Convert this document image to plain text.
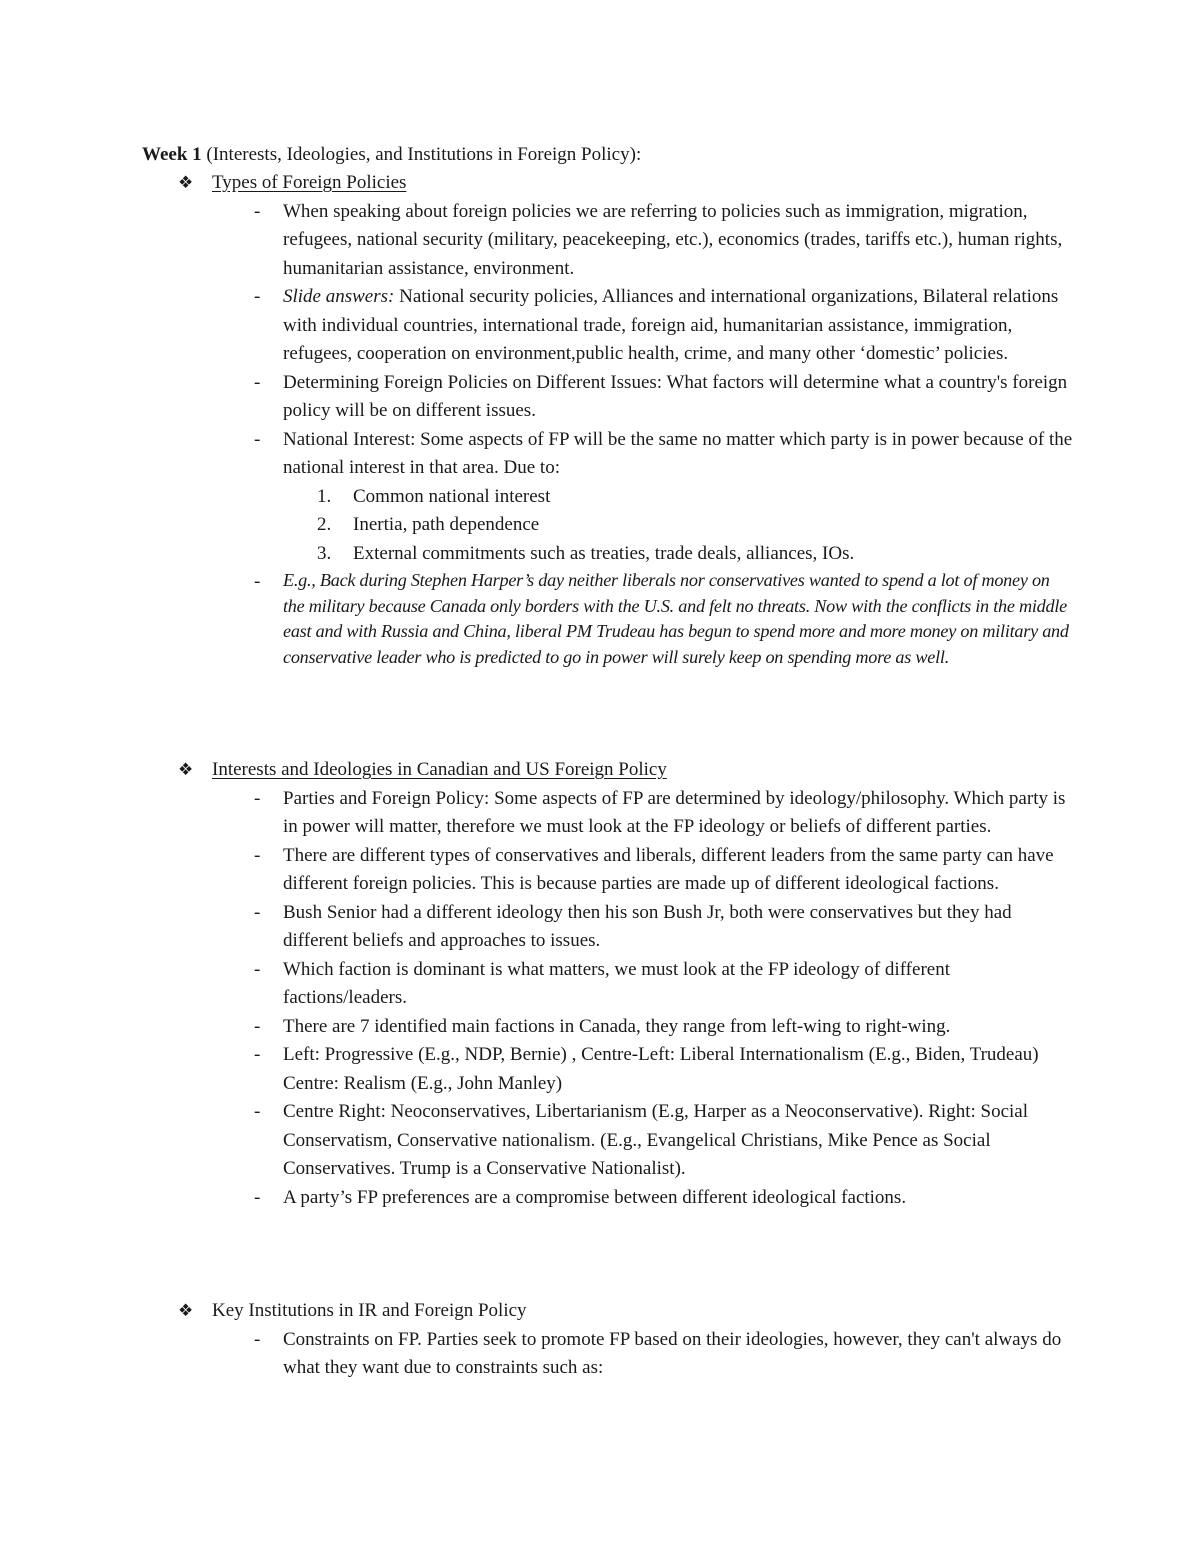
Week 1 (Interests, Ideologies, and Institutions in Foreign Policy):
❖ Types of Foreign Policies
- When speaking about foreign policies we are referring to policies such as immigration, migration, refugees, national security (military, peacekeeping, etc.), economics (trades, tariffs etc.), human rights, humanitarian assistance, environment.
- Slide answers: National security policies, Alliances and international organizations, Bilateral relations with individual countries, international trade, foreign aid, humanitarian assistance, immigration, refugees, cooperation on environment,public health, crime, and many other ‘domestic’ policies.
- Determining Foreign Policies on Different Issues: What factors will determine what a country's foreign policy will be on different issues.
- National Interest: Some aspects of FP will be the same no matter which party is in power because of the national interest in that area. Due to:
1. Common national interest
2. Inertia, path dependence
3. External commitments such as treaties, trade deals, alliances, IOs.
- E.g., Back during Stephen Harper’s day neither liberals nor conservatives wanted to spend a lot of money on the military because Canada only borders with the U.S. and felt no threats. Now with the conflicts in the middle east and with Russia and China, liberal PM Trudeau has begun to spend more and more money on military and conservative leader who is predicted to go in power will surely keep on spending more as well.
❖ Interests and Ideologies in Canadian and US Foreign Policy
- Parties and Foreign Policy: Some aspects of FP are determined by ideology/philosophy. Which party is in power will matter, therefore we must look at the FP ideology or beliefs of different parties.
- There are different types of conservatives and liberals, different leaders from the same party can have different foreign policies. This is because parties are made up of different ideological factions.
- Bush Senior had a different ideology then his son Bush Jr, both were conservatives but they had different beliefs and approaches to issues.
- Which faction is dominant is what matters, we must look at the FP ideology of different factions/leaders.
- There are 7 identified main factions in Canada, they range from left-wing to right-wing.
- Left: Progressive (E.g., NDP, Bernie) , Centre-Left: Liberal Internationalism (E.g., Biden, Trudeau) Centre: Realism (E.g., John Manley)
- Centre Right: Neoconservatives, Libertarianism (E.g, Harper as a Neoconservative). Right: Social Conservatism, Conservative nationalism. (E.g., Evangelical Christians, Mike Pence as Social Conservatives. Trump is a Conservative Nationalist).
- A party’s FP preferences are a compromise between different ideological factions.
❖ Key Institutions in IR and Foreign Policy
- Constraints on FP. Parties seek to promote FP based on their ideologies, however, they can't always do what they want due to constraints such as:
